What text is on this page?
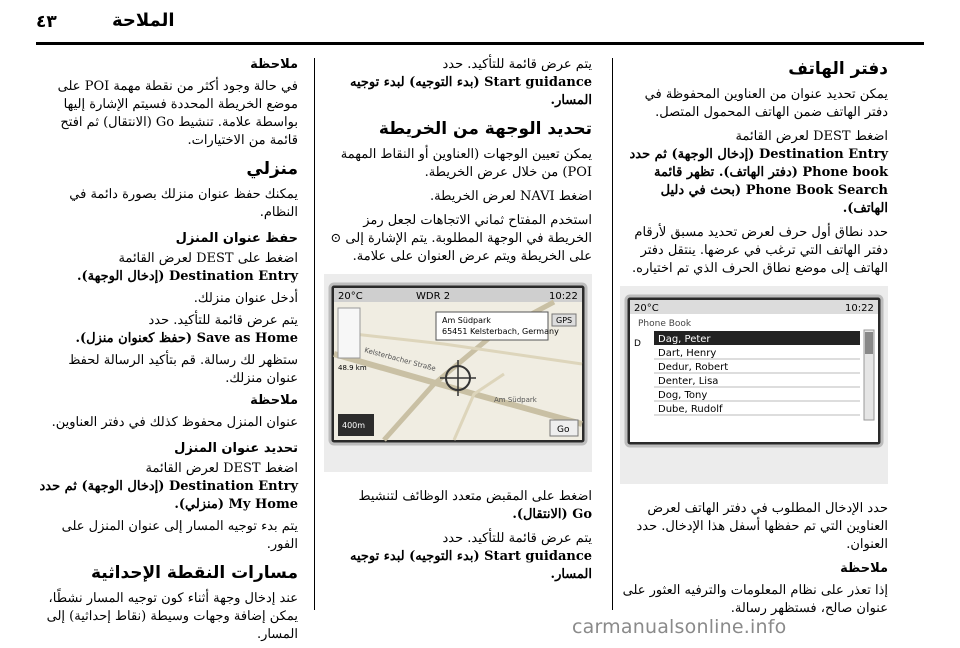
٤٣	الملاحة
دفتر الهاتف

يمكن تحديد عنوان من العناوين المحفوظة في دفتر الهاتف ضمن الهاتف المحمول المتصل.

اضغط DEST لعرض القائمة
Destination Entry (إدخال الوجهة) ثم حدد
Phone book (دفتر الهاتف). تظهر قائمة
Phone Book Search (بحث في دليل الهاتف).

حدد نطاق أول حرف لعرض تحديد مسبق لأرقام دفتر الهاتف التي ترغب في عرضها. ينتقل دفتر الهاتف إلى موضع نطاق الحرف الذي تم اختياره.

20°C	10:22
Phone Book
Dag, Peter
Dart, Henry
Dedur, Robert
Denter, Lisa
Dog, Tony
Dube, Rudolf
D

حدد الإدخال المطلوب في دفتر الهاتف لعرض العناوين التي تم حفظها أسفل هذا الإدخال. حدد العنوان.

ملاحظة

إذا تعذر على نظام المعلومات والترفيه العثور على عنوان صالح، فستظهر رسالة.

يتم عرض قائمة للتأكيد. حدد
Start guidance (بدء التوجيه) لبدء توجيه المسار.

تحديد الوجهة من الخريطة

يمكن تعيين الوجهات (العناوين أو النقاط المهمة POI) من خلال عرض الخريطة.

اضغط NAVI لعرض الخريطة.

استخدم المفتاح ثماني الاتجاهات لجعل رمز الخريطة في الوجهة المطلوبة. يتم الإشارة إلى ⊙ على الخريطة ويتم عرض العنوان على علامة.

20°C	WDR 2	10:22
Kelsterbacher Straße
Am Südpark
Am Südpark
65451 Kelsterbach, Germany
GPS
48.9 km
400m	Go

اضغط على المقبض متعدد الوظائف لتنشيط
Go (الانتقال).

يتم عرض قائمة للتأكيد. حدد
Start guidance (بدء التوجيه) لبدء توجيه المسار.

ملاحظة

في حالة وجود أكثر من نقطة مهمة POI على موضع الخريطة المحددة فسيتم الإشارة إليها بواسطة علامة. تنشيط Go (الانتقال) ثم افتح قائمة من الاختيارات.

منزلي

يمكنك حفظ عنوان منزلك بصورة دائمة في النظام.

حفظ عنوان المنزل

اضغط على DEST لعرض القائمة
Destination Entry (إدخال الوجهة).

أدخل عنوان منزلك.

يتم عرض قائمة للتأكيد. حدد
Save as Home (حفظ كعنوان منزل).

ستظهر لك رسالة. قم بتأكيد الرسالة لحفظ عنوان منزلك.

ملاحظة

عنوان المنزل محفوظ كذلك في دفتر العناوين.

تحديد عنوان المنزل

اضغط DEST لعرض القائمة
Destination Entry (إدخال الوجهة) ثم حدد
My Home (منزلي).

يتم بدء توجيه المسار إلى عنوان المنزل على الفور.

مسارات النقطة الإحداثية

عند إدخال وجهة أثناء كون توجيه المسار نشطًا، يمكن إضافة وجهات وسيطة (نقاط إحداثية) إلى المسار.	carmanualsonline.info
